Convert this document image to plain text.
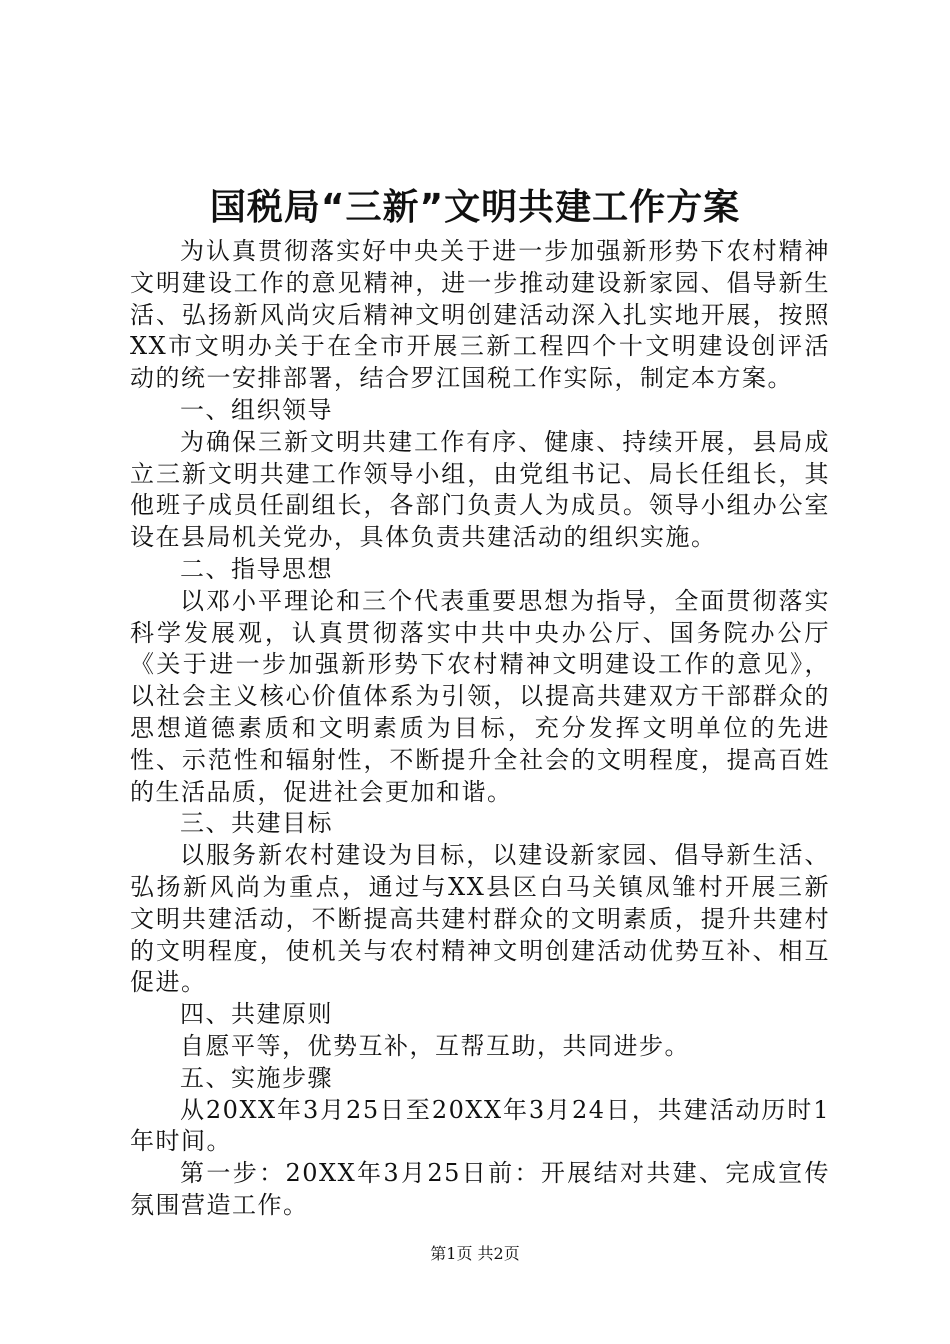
国税局“三新”文明共建工作方案

为认真贯彻落实好中央关于进一步加强新形势下农村精神文明建设工作的意见精神，进一步推动建设新家园、倡导新生活、弘扬新风尚灾后精神文明创建活动深入扎实地开展，按照XX市文明办关于在全市开展三新工程四个十文明建设创评活动的统一安排部署，结合罗江国税工作实际，制定本方案。

一、组织领导

为确保三新文明共建工作有序、健康、持续开展，县局成立三新文明共建工作领导小组，由党组书记、局长任组长，其他班子成员任副组长，各部门负责人为成员。领导小组办公室设在县局机关党办，具体负责共建活动的组织实施。

二、指导思想

以邓小平理论和三个代表重要思想为指导，全面贯彻落实科学发展观，认真贯彻落实中共中央办公厅、国务院办公厅《关于进一步加强新形势下农村精神文明建设工作的意见》，以社会主义核心价值体系为引领，以提高共建双方干部群众的思想道德素质和文明素质为目标，充分发挥文明单位的先进性、示范性和辐射性，不断提升全社会的文明程度，提高百姓的生活品质，促进社会更加和谐。

三、共建目标

以服务新农村建设为目标，以建设新家园、倡导新生活、弘扬新风尚为重点，通过与XX县区白马关镇凤雏村开展三新文明共建活动，不断提高共建村群众的文明素质，提升共建村的文明程度，使机关与农村精神文明创建活动优势互补、相互促进。

四、共建原则

自愿平等，优势互补，互帮互助，共同进步。

五、实施步骤

从20XX年3月25日至20XX年3月24日，共建活动历时1年时间。

第一步：20XX年3月25日前：开展结对共建、完成宣传氛围营造工作。

第1页 共2页
